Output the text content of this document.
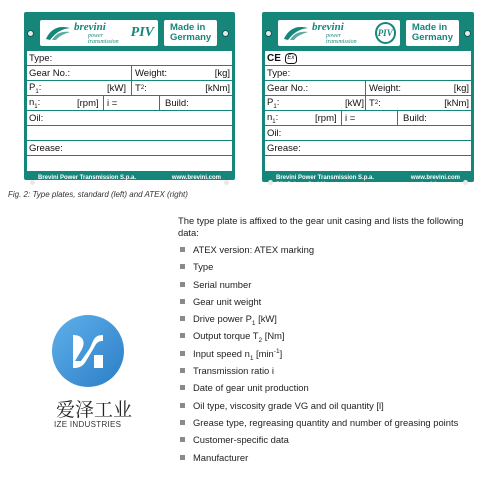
brevini
power transmission
PIV Made in
Germany
Type:
Gear No.:	Weight:	[kg]
$P_1$:	[kW] T 2 :	[kNm]
$n_1$:	[rpm] i =	Build:
Oil:
Grease:
Brevini Power Transmission S.p.a.
PIV Drives GmbH
www.brevini.com
www.piv-drives.com
brevini
power transmission
PIV	Made in
Germany
CE	Ex
Type:
Gear No.:	Weight:	[kg]
$P_1$:	[kW] T 2 :	[kNm]
$n_1$:	[rpm] i =	Build:
Oil:
Grease:
Brevini Power Transmission S.p.a.
PIV Drives GmbH
www.brevini.com
www.piv-drives.com
Fig. 2: Type plates, standard (left) and ATEX (right)
The type plate is affixed to the gear unit casing and lists the following data:
ATEX version: ATEX marking
Type
Serial number
Gear unit weight
Drive power $P_1$ [kW]
Output torque $T_2$ [Nm]
Input speed $n_1$ $[\min^{-1}]$
Transmission ratio i
Date of gear unit production
Oil type, viscosity grade VG and oil quantity [l]
Grease type, regreasing quantity and number of greasing points
Customer-specific data
Manufacturer
爱泽工业
IZE INDUSTRIES
